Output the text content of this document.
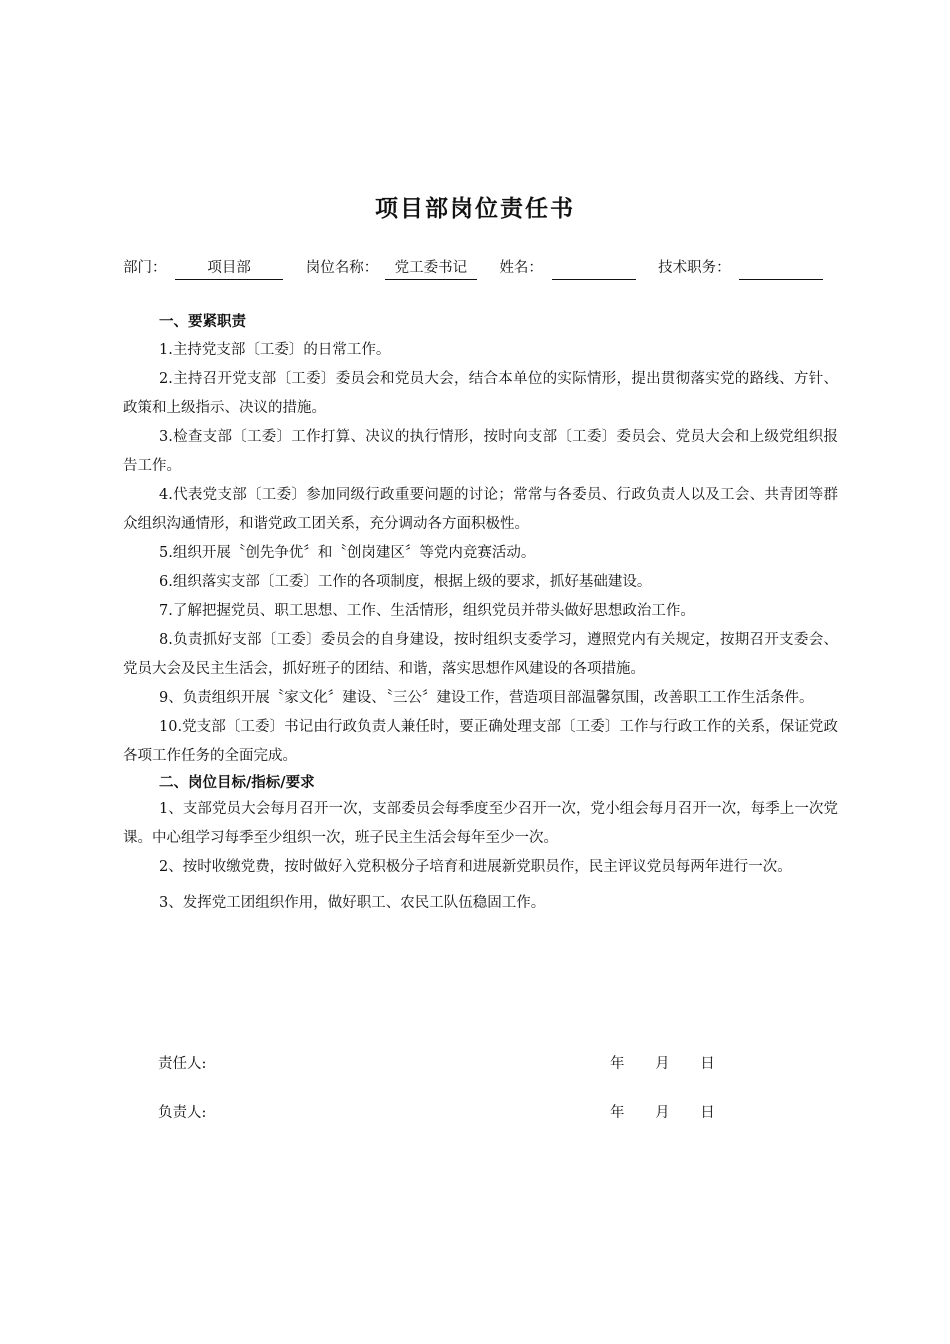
项目部岗位责任书
部门：	项目部	岗位名称： 党工委书记 姓名：	技术职务：

一、要紧职责

1.主持党支部〔工委〕的日常工作。

2.主持召开党支部〔工委〕委员会和党员大会，结合本单位的实际情形，提出贯彻落实党的路线、方针、政策和上级指示、决议的措施。

3.检查支部〔工委〕工作打算、决议的执行情形，按时向支部〔工委〕委员会、党员大会和上级党组织报告工作。

4.代表党支部〔工委〕参加同级行政重要问题的讨论；常常与各委员、行政负责人以及工会、共青团等群众组织沟通情形，和谐党政工团关系，充分调动各方面积极性。

5.组织开展〝创先争优〞和〝创岗建区〞等党内竞赛活动。

6.组织落实支部〔工委〕工作的各项制度，根据上级的要求，抓好基础建设。

7.了解把握党员、职工思想、工作、生活情形，组织党员并带头做好思想政治工作。

8.负责抓好支部〔工委〕委员会的自身建设，按时组织支委学习，遵照党内有关规定，按期召开支委会、党员大会及民主生活会，抓好班子的团结、和谐，落实思想作风建设的各项措施。

9、负责组织开展〝家文化〞建设、〝三公〞建设工作，营造项目部温馨氛围，改善职工工作生活条件。

10.党支部〔工委〕书记由行政负责人兼任时，要正确处理支部〔工委〕工作与行政工作的关系，保证党政各项工作任务的全面完成。

二、岗位目标/指标/要求

1、支部党员大会每月召开一次，支部委员会每季度至少召开一次，党小组会每月召开一次，每季上一次党课。中心组学习每季至少组织一次，班子民主生活会每年至少一次。

2、按时收缴党费，按时做好入党积极分子培育和进展新党职员作，民主评议党员每两年进行一次。

3、发挥党工团组织作用，做好职工、农民工队伍稳固工作。

责任人:	年 月 日
负责人:	年 月 日
